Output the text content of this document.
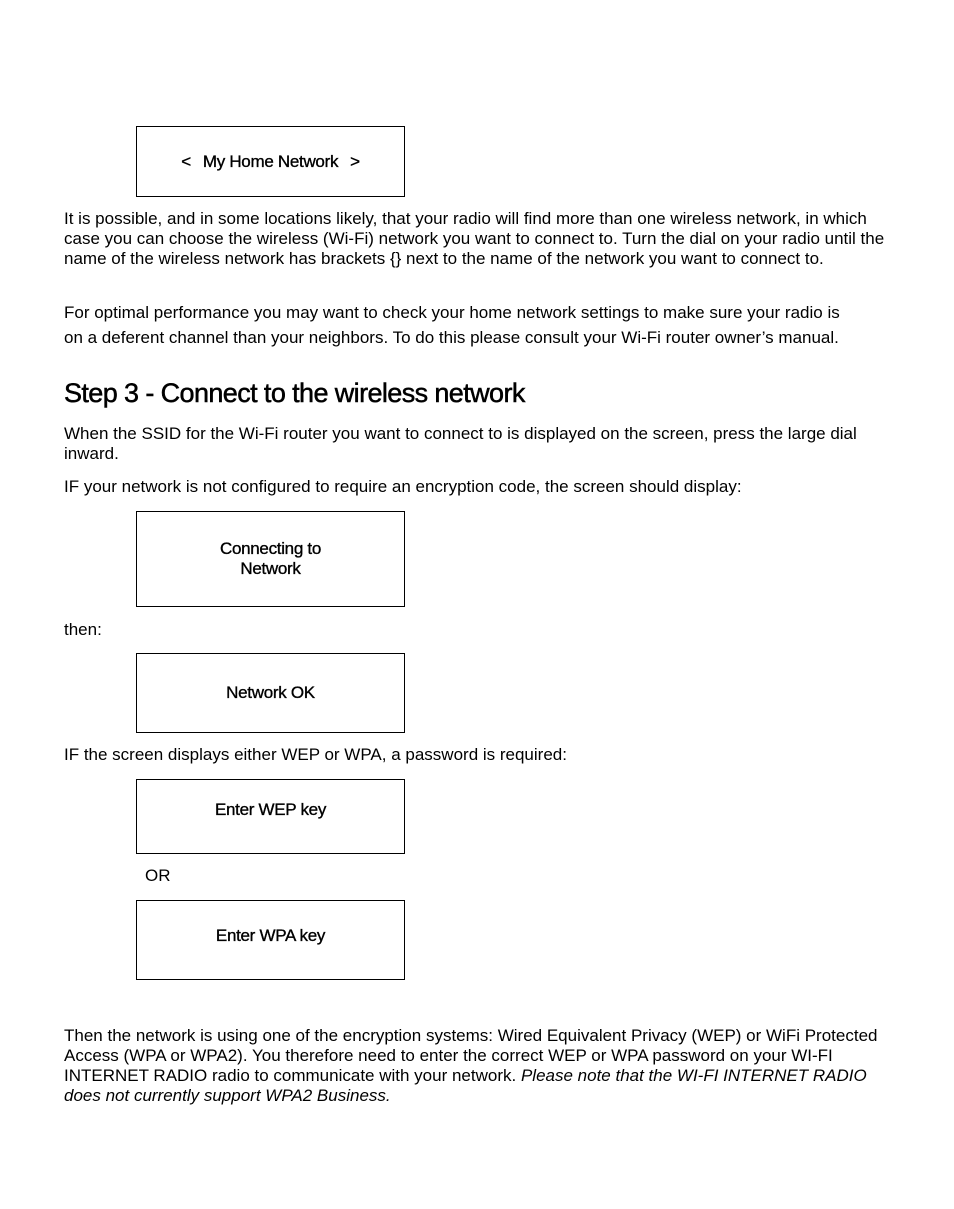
< My Home Network >

It is possible, and in some locations likely, that your radio will find more than one wireless network, in which case you can choose the wireless (Wi-Fi) network you want to connect to. Turn the dial on your radio until the name of the wireless network has brackets {} next to the name of the network you want to connect to.

For optimal performance you may want to check your home network settings to make sure your radio is

on a deferent channel than your neighbors. To do this please consult your Wi-Fi router owner’s manual.

Step 3 - Connect to the wireless network

When the SSID for the Wi-Fi router you want to connect to is displayed on the screen, press the large dial inward.

IF your network is not configured to require an encryption code, the screen should display:

Connecting to
Network

then:

Network OK

IF the screen displays either WEP or WPA, a password is required:

Enter WEP key

OR

Enter WPA key

Then the network is using one of the encryption systems: Wired Equivalent Privacy (WEP) or WiFi Protected Access (WPA or WPA2). You therefore need to enter the correct WEP or WPA password on your WI-FI INTERNET RADIO radio to communicate with your network. Please note that the WI-FI INTERNET RADIO does not currently support WPA2 Business.
